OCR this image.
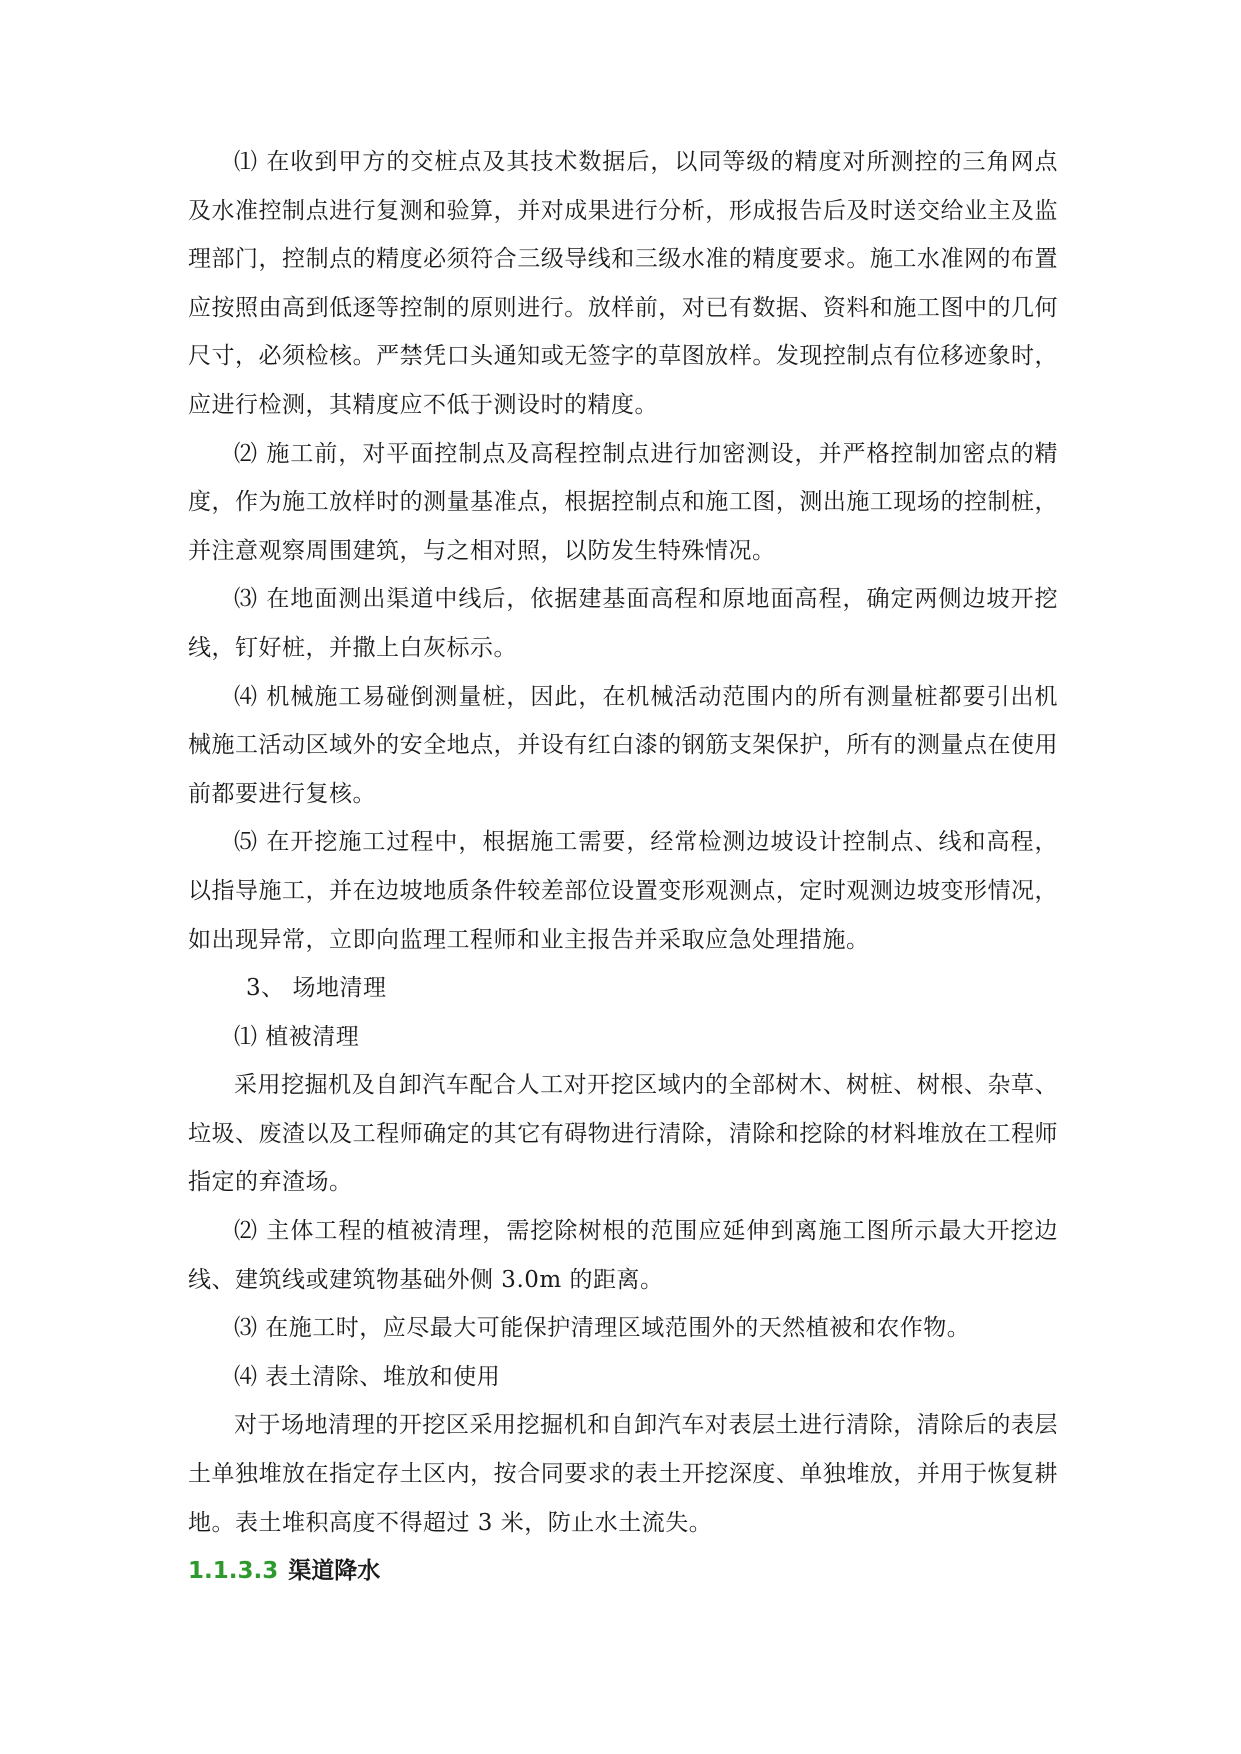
⑴ 在收到甲方的交桩点及其技术数据后，以同等级的精度对所测控的三角网点及水准控制点进行复测和验算，并对成果进行分析，形成报告后及时送交给业主及监理部门，控制点的精度必须符合三级导线和三级水准的精度要求。施工水准网的布置应按照由高到低逐等控制的原则进行。放样前，对已有数据、资料和施工图中的几何尺寸，必须检核。严禁凭口头通知或无签字的草图放样。发现控制点有位移迹象时，应进行检测，其精度应不低于测设时的精度。

⑵ 施工前，对平面控制点及高程控制点进行加密测设，并严格控制加密点的精度，作为施工放样时的测量基准点，根据控制点和施工图，测出施工现场的控制桩，并注意观察周围建筑，与之相对照，以防发生特殊情况。

⑶ 在地面测出渠道中线后，依据建基面高程和原地面高程，确定两侧边坡开挖线，钉好桩，并撒上白灰标示。

⑷ 机械施工易碰倒测量桩，因此，在机械活动范围内的所有测量桩都要引出机械施工活动区域外的安全地点，并设有红白漆的钢筋支架保护，所有的测量点在使用前都要进行复核。

⑸ 在开挖施工过程中，根据施工需要，经常检测边坡设计控制点、线和高程，以指导施工，并在边坡地质条件较差部位设置变形观测点，定时观测边坡变形情况，如出现异常，立即向监理工程师和业主报告并采取应急处理措施。

3、 场地清理

⑴ 植被清理

采用挖掘机及自卸汽车配合人工对开挖区域内的全部树木、树桩、树根、杂草、垃圾、废渣以及工程师确定的其它有碍物进行清除，清除和挖除的材料堆放在工程师指定的弃渣场。

⑵ 主体工程的植被清理，需挖除树根的范围应延伸到离施工图所示最大开挖边线、建筑线或建筑物基础外侧 3.0m 的距离。

⑶ 在施工时，应尽最大可能保护清理区域范围外的天然植被和农作物。

⑷ 表土清除、堆放和使用

对于场地清理的开挖区采用挖掘机和自卸汽车对表层土进行清除，清除后的表层土单独堆放在指定存土区内，按合同要求的表土开挖深度、单独堆放，并用于恢复耕地。表土堆积高度不得超过 3 米，防止水土流失。

1.1.3.3 渠道降水
